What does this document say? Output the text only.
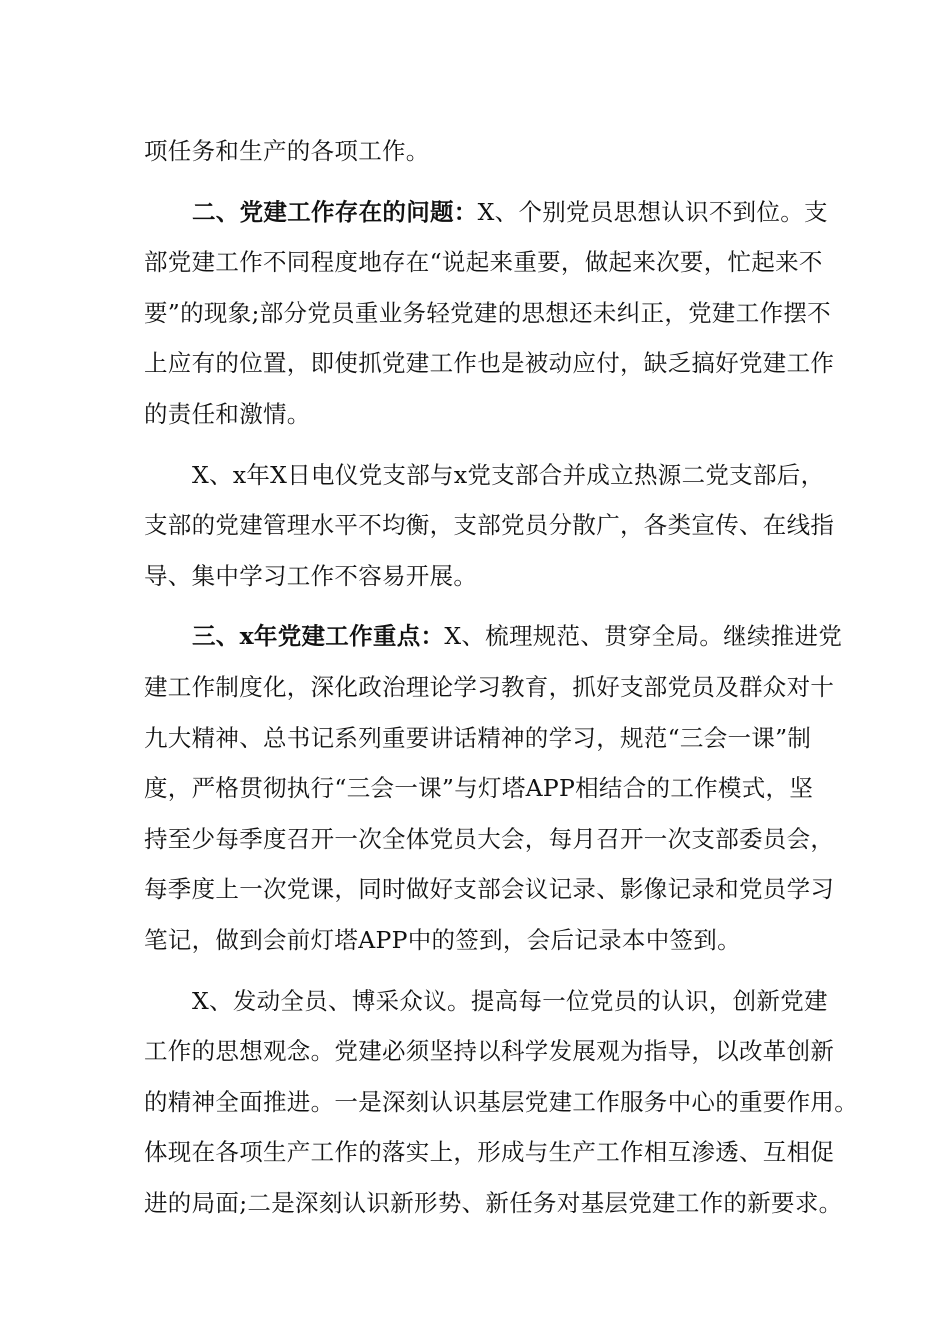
项任务和生产的各项工作。

二、党建工作存在的问题：X、个别党员思想认识不到位。支
部党建工作不同程度地存在“说起来重要，做起来次要，忙起来不
要”的现象;部分党员重业务轻党建的思想还未纠正，党建工作摆不
上应有的位置，即使抓党建工作也是被动应付，缺乏搞好党建工作
的责任和激情。

X、x年X日电仪党支部与x党支部合并成立热源二党支部后，
支部的党建管理水平不均衡，支部党员分散广，各类宣传、在线指
导、集中学习工作不容易开展。

三、x年党建工作重点：X、梳理规范、贯穿全局。继续推进党
建工作制度化，深化政治理论学习教育，抓好支部党员及群众对十
九大精神、总书记系列重要讲话精神的学习，规范“三会一课”制
度，严格贯彻执行“三会一课”与灯塔APP相结合的工作模式，坚
持至少每季度召开一次全体党员大会，每月召开一次支部委员会，
每季度上一次党课，同时做好支部会议记录、影像记录和党员学习
笔记，做到会前灯塔APP中的签到，会后记录本中签到。

X、发动全员、博采众议。提高每一位党员的认识，创新党建
工作的思想观念。党建必须坚持以科学发展观为指导，以改革创新
的精神全面推进。一是深刻认识基层党建工作服务中心的重要作用。
体现在各项生产工作的落实上，形成与生产工作相互渗透、互相促
进的局面;二是深刻认识新形势、新任务对基层党建工作的新要求。
